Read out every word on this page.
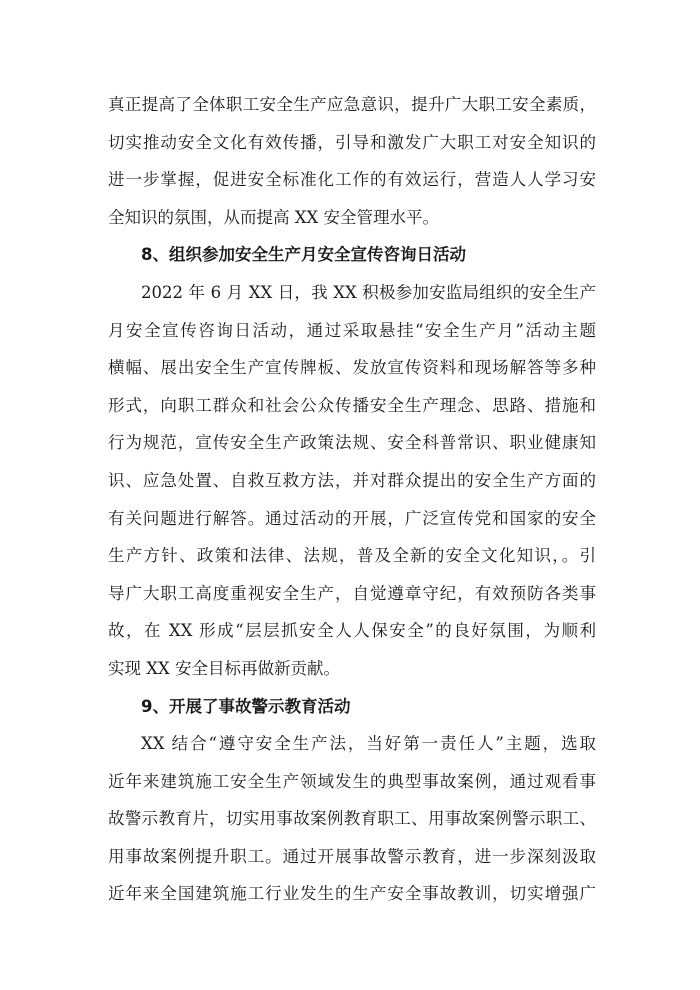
真正提高了全体职工安全生产应急意识，提升广大职工安全素质，
切实推动安全文化有效传播，引导和激发广大职工对安全知识的
进一步掌握，促进安全标准化工作的有效运行，营造人人学习安
全知识的氛围，从而提高 XX 安全管理水平。
8、组织参加安全生产月安全宣传咨询日活动
2022 年 6 月 XX 日，我 XX 积极参加安监局组织的安全生产
月安全宣传咨询日活动，通过采取悬挂“安全生产月”活动主题
横幅、展出安全生产宣传牌板、发放宣传资料和现场解答等多种
形式，向职工群众和社会公众传播安全生产理念、思路、措施和
行为规范，宣传安全生产政策法规、安全科普常识、职业健康知
识、应急处置、自救互救方法，并对群众提出的安全生产方面的
有关问题进行解答。通过活动的开展，广泛宣传党和国家的安全
生产方针、政策和法律、法规，普及全新的安全文化知识，。引
导广大职工高度重视安全生产，自觉遵章守纪，有效预防各类事
故，在 XX 形成“层层抓安全人人保安全”的良好氛围，为顺利
实现 XX 安全目标再做新贡献。
9、开展了事故警示教育活动
XX 结合“遵守安全生产法，当好第一责任人”主题，选取
近年来建筑施工安全生产领域发生的典型事故案例，通过观看事
故警示教育片，切实用事故案例教育职工、用事故案例警示职工、
用事故案例提升职工。通过开展事故警示教育，进一步深刻汲取
近年来全国建筑施工行业发生的生产安全事故教训，切实增强广
